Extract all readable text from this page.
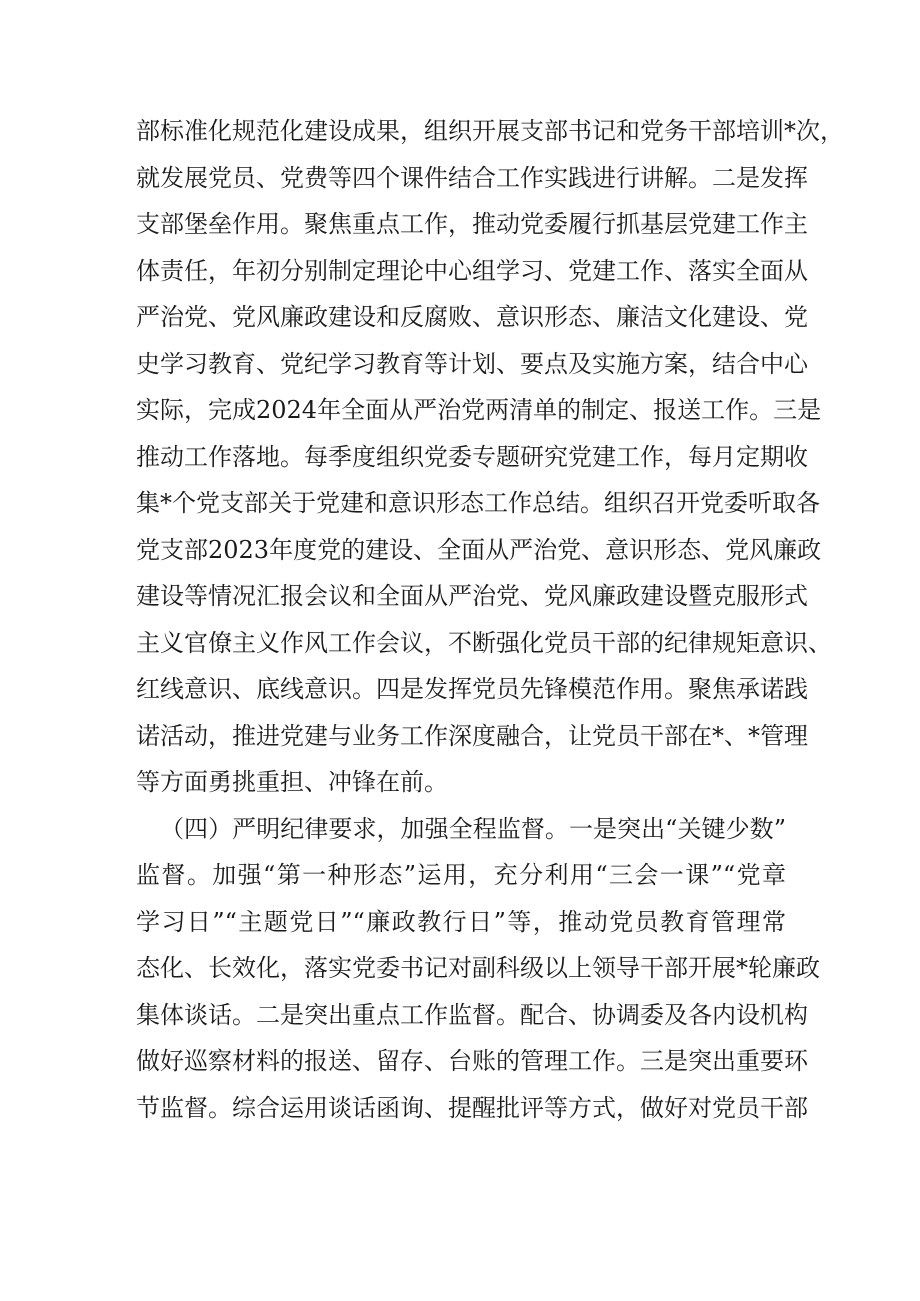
部标准化规范化建设成果，组织开展支部书记和党务干部培训*次，
就发展党员、党费等四个课件结合工作实践进行讲解。二是发挥
支部堡垒作用。聚焦重点工作，推动党委履行抓基层党建工作主
体责任，年初分别制定理论中心组学习、党建工作、落实全面从
严治党、党风廉政建设和反腐败、意识形态、廉洁文化建设、党
史学习教育、党纪学习教育等计划、要点及实施方案，结合中心
实际，完成2024年全面从严治党两清单的制定、报送工作。三是
推动工作落地。每季度组织党委专题研究党建工作，每月定期收
集*个党支部关于党建和意识形态工作总结。组织召开党委听取各
党支部2023年度党的建设、全面从严治党、意识形态、党风廉政
建设等情况汇报会议和全面从严治党、党风廉政建设暨克服形式
主义官僚主义作风工作会议，不断强化党员干部的纪律规矩意识、
红线意识、底线意识。四是发挥党员先锋模范作用。聚焦承诺践
诺活动，推进党建与业务工作深度融合，让党员干部在*、*管理
等方面勇挑重担、冲锋在前。
（四）严明纪律要求，加强全程监督。一是突出“关键少数”
监督。加强“第一种形态”运用，充分利用“三会一课”“党章
学习日”“主题党日”“廉政教行日”等，推动党员教育管理常
态化、长效化，落实党委书记对副科级以上领导干部开展*轮廉政
集体谈话。二是突出重点工作监督。配合、协调委及各内设机构
做好巡察材料的报送、留存、台账的管理工作。三是突出重要环
节监督。综合运用谈话函询、提醒批评等方式，做好对党员干部
